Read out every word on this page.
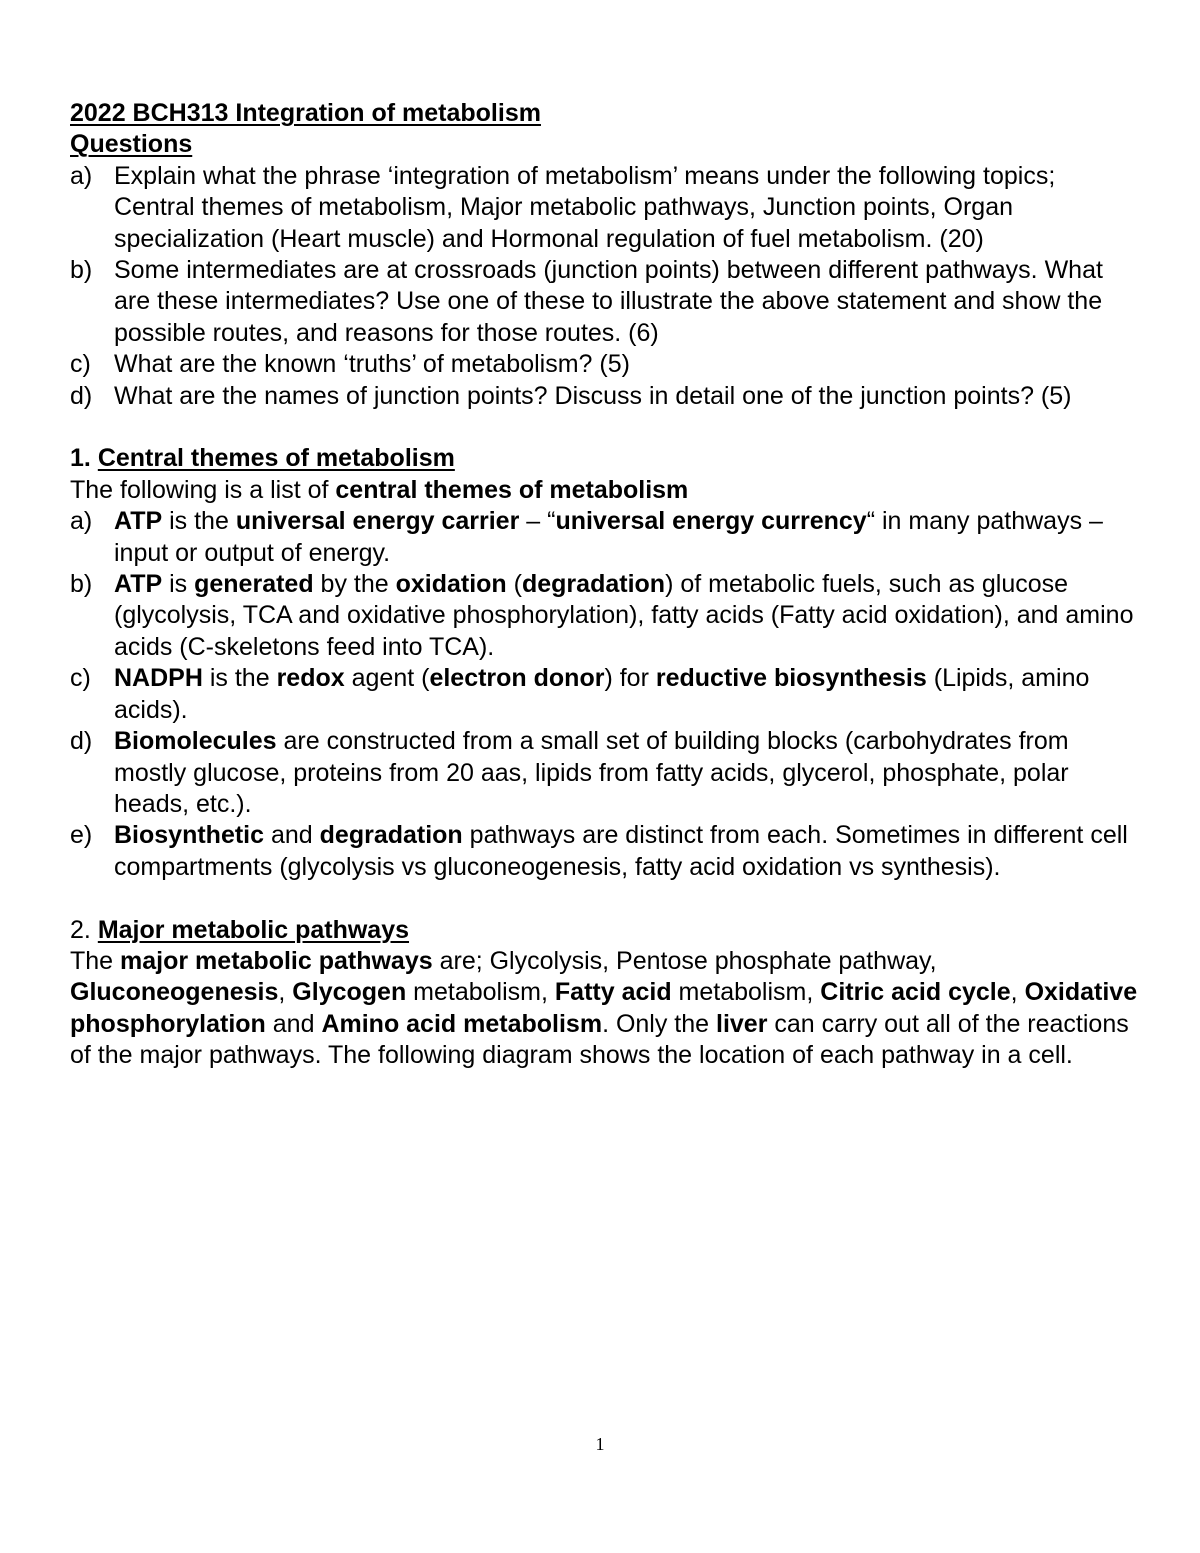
2022 BCH313 Integration of metabolism
Questions
a) Explain what the phrase ‘integration of metabolism’ means under the following topics; Central themes of metabolism, Major metabolic pathways, Junction points, Organ specialization (Heart muscle) and Hormonal regulation of fuel metabolism. (20)
b) Some intermediates are at crossroads (junction points) between different pathways. What are these intermediates? Use one of these to illustrate the above statement and show the possible routes, and reasons for those routes. (6)
c) What are the known ‘truths’ of metabolism? (5)
d) What are the names of junction points? Discuss in detail one of the junction points? (5)
1. Central themes of metabolism
The following is a list of central themes of metabolism
a) ATP is the universal energy carrier – “universal energy currency“ in many pathways – input or output of energy.
b) ATP is generated by the oxidation (degradation) of metabolic fuels, such as glucose (glycolysis, TCA and oxidative phosphorylation), fatty acids (Fatty acid oxidation), and amino acids (C-skeletons feed into TCA).
c) NADPH is the redox agent (electron donor) for reductive biosynthesis (Lipids, amino acids).
d) Biomolecules are constructed from a small set of building blocks (carbohydrates from mostly glucose, proteins from 20 aas, lipids from fatty acids, glycerol, phosphate, polar heads, etc.).
e) Biosynthetic and degradation pathways are distinct from each. Sometimes in different cell compartments (glycolysis vs gluconeogenesis, fatty acid oxidation vs synthesis).
2. Major metabolic pathways
The major metabolic pathways are; Glycolysis, Pentose phosphate pathway, Gluconeogenesis, Glycogen metabolism, Fatty acid metabolism, Citric acid cycle, Oxidative phosphorylation and Amino acid metabolism. Only the liver can carry out all of the reactions of the major pathways. The following diagram shows the location of each pathway in a cell.
1
